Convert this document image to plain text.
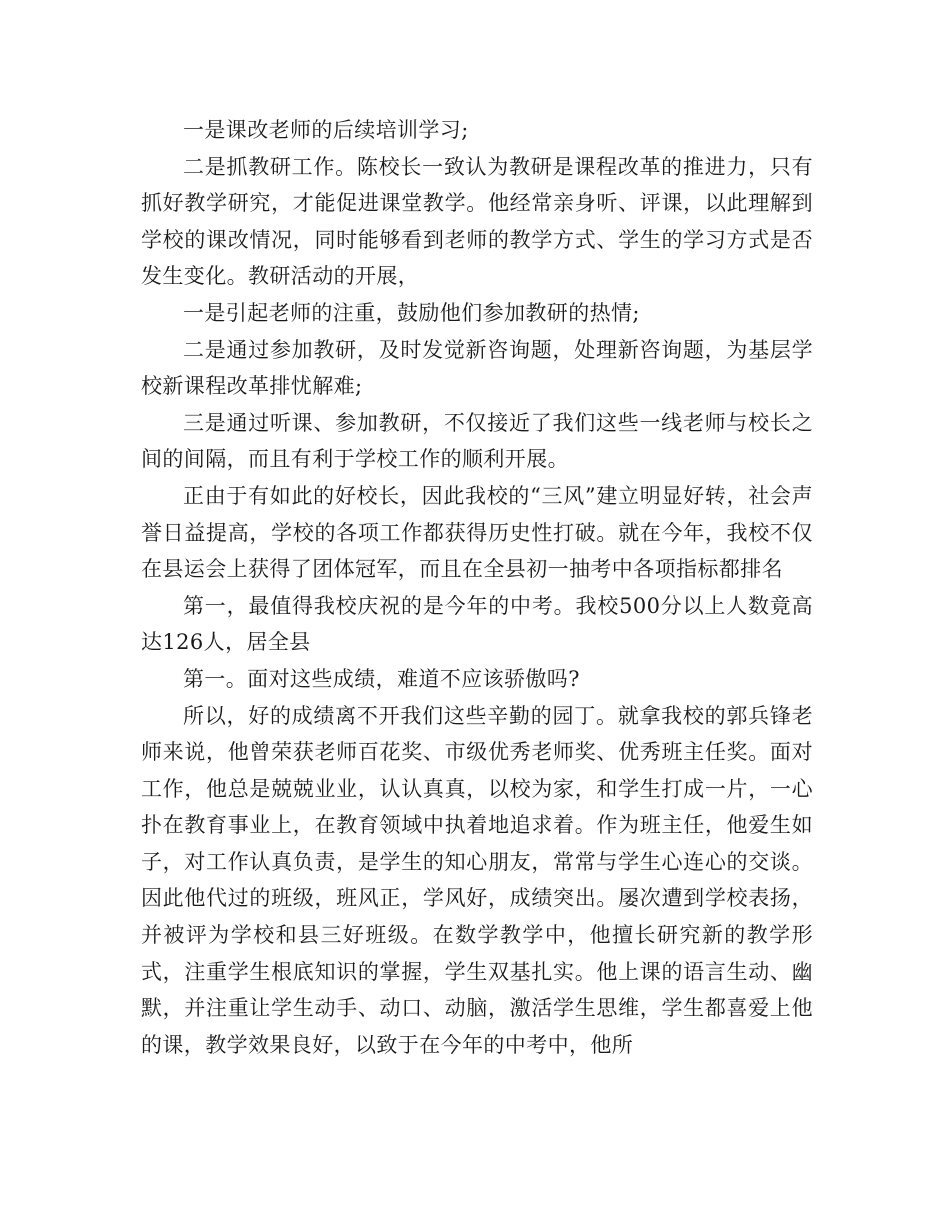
一是课改老师的后续培训学习;

二是抓教研工作。陈校长一致认为教研是课程改革的推进力，只有抓好教学研究，才能促进课堂教学。他经常亲身听、评课，以此理解到学校的课改情况，同时能够看到老师的教学方式、学生的学习方式是否发生变化。教研活动的开展，

一是引起老师的注重，鼓励他们参加教研的热情;

二是通过参加教研，及时发觉新咨询题，处理新咨询题，为基层学校新课程改革排忧解难;

三是通过听课、参加教研，不仅接近了我们这些一线老师与校长之间的间隔，而且有利于学校工作的顺利开展。

正由于有如此的好校长，因此我校的“三风”建立明显好转，社会声誉日益提高，学校的各项工作都获得历史性打破。就在今年，我校不仅在县运会上获得了团体冠军，而且在全县初一抽考中各项指标都排名

第一，最值得我校庆祝的是今年的中考。我校500分以上人数竟高达126人，居全县

第一。面对这些成绩，难道不应该骄傲吗?

所以，好的成绩离不开我们这些辛勤的园丁。就拿我校的郭兵锋老师来说，他曾荣获老师百花奖、市级优秀老师奖、优秀班主任奖。面对工作，他总是兢兢业业，认认真真，以校为家，和学生打成一片，一心扑在教育事业上，在教育领域中执着地追求着。作为班主任，他爱生如子，对工作认真负责，是学生的知心朋友，常常与学生心连心的交谈。因此他代过的班级，班风正，学风好，成绩突出。屡次遭到学校表扬，并被评为学校和县三好班级。在数学教学中，他擅长研究新的教学形式，注重学生根底知识的掌握，学生双基扎实。他上课的语言生动、幽默，并注重让学生动手、动口、动脑，激活学生思维，学生都喜爱上他的课，教学效果良好，以致于在今年的中考中，他所
